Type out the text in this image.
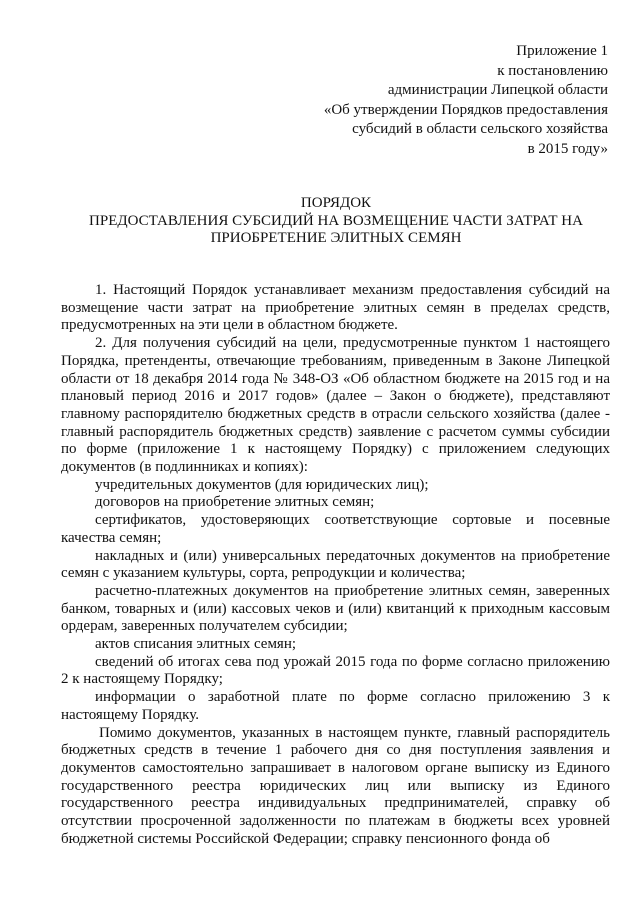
Приложение 1
к постановлению
администрации Липецкой области
«Об утверждении Порядков предоставления
субсидий в области сельского хозяйства
в 2015 году»
ПОРЯДОК
ПРЕДОСТАВЛЕНИЯ СУБСИДИЙ НА ВОЗМЕЩЕНИЕ ЧАСТИ ЗАТРАТ НА
ПРИОБРЕТЕНИЕ ЭЛИТНЫХ СЕМЯН

1. Настоящий Порядок устанавливает механизм предоставления субсидий на возмещение части затрат на приобретение элитных семян в пределах средств, предусмотренных на эти цели в областном бюджете.

2. Для получения субсидий на цели, предусмотренные пунктом 1 настоящего Порядка, претенденты, отвечающие требованиям, приведенным в Законе Липецкой области от 18 декабря 2014 года № 348-ОЗ «Об областном бюджете на 2015 год и на плановый период 2016 и 2017 годов» (далее – Закон о бюджете), представляют главному распорядителю бюджетных средств в отрасли сельского хозяйства (далее - главный распорядитель бюджетных средств) заявление с расчетом суммы субсидии по форме (приложение 1 к настоящему Порядку) с приложением следующих документов (в подлинниках и копиях):

учредительных документов (для юридических лиц);

договоров на приобретение элитных семян;

сертификатов, удостоверяющих соответствующие сортовые и посевные качества семян;

накладных и (или) универсальных передаточных документов на приобретение семян с указанием культуры, сорта, репродукции и количества;

расчетно-платежных документов на приобретение элитных семян, заверенных банком, товарных и (или) кассовых чеков и (или) квитанций к приходным кассовым ордерам, заверенных получателем субсидии;

актов списания элитных семян;

сведений об итогах сева под урожай 2015 года по форме согласно приложению 2 к настоящему Порядку;

информации о заработной плате по форме согласно приложению 3 к настоящему Порядку.

Помимо документов, указанных в настоящем пункте, главный распорядитель бюджетных средств в течение 1 рабочего дня со дня поступления заявления и документов самостоятельно запрашивает в налоговом органе выписку из Единого государственного реестра юридических лиц или выписку из Единого государственного реестра индивидуальных предпринимателей, справку об отсутствии просроченной задолженности по платежам в бюджеты всех уровней бюджетной системы Российской Федерации; справку пенсионного фонда об
